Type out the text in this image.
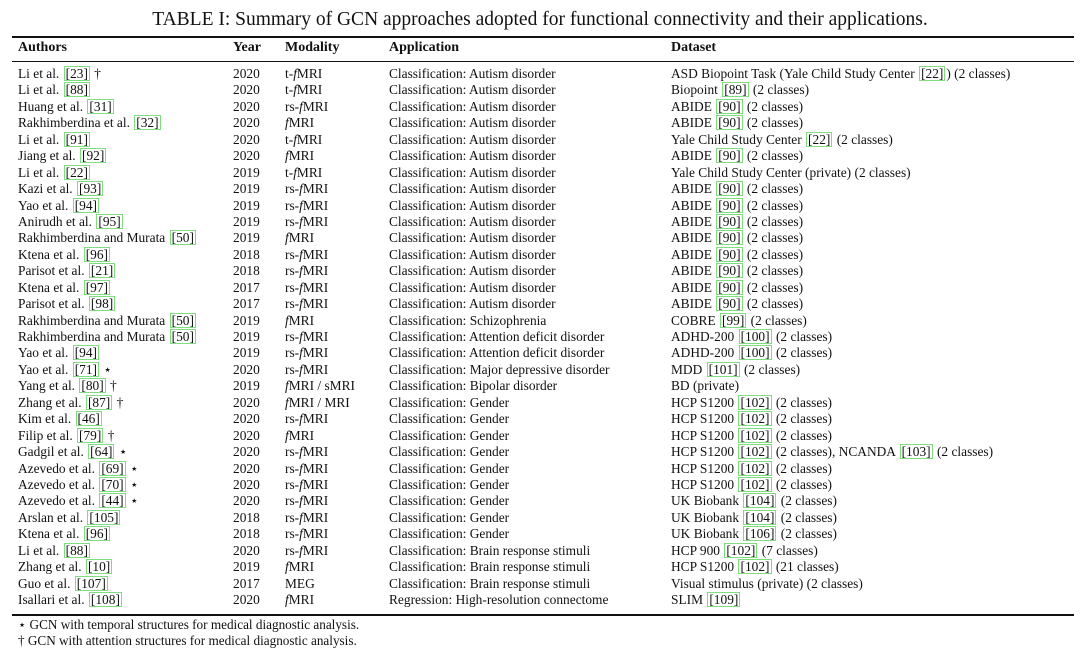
TABLE I: Summary of GCN approaches adopted for functional connectivity and their applications.
Authors	Year Modality	Application	Dataset
Li et al. [23] †	2020 t-fMRI	Classification: Autism disorder	ASD Biopoint Task (Yale Child Study Center [22] ) (2 classes)
Li et al. [88]	2020 t-fMRI	Classification: Autism disorder	Biopoint [89] (2 classes)
Huang et al. [31]	2020 rs-fMRI	Classification: Autism disorder	ABIDE [90] (2 classes)
Rakhimberdina et al. [32]	2020 fMRI	Classification: Autism disorder	ABIDE [90] (2 classes)
Li et al. [91]	2020 t-fMRI	Classification: Autism disorder	Yale Child Study Center [22] (2 classes)
Jiang et al. [92]	2020 fMRI	Classification: Autism disorder	ABIDE [90] (2 classes)
Li et al. [22]	2019 t-fMRI	Classification: Autism disorder	Yale Child Study Center (private) (2 classes)
Kazi et al. [93]	2019 rs-fMRI	Classification: Autism disorder	ABIDE [90] (2 classes)
Yao et al. [94]	2019 rs-fMRI	Classification: Autism disorder	ABIDE [90] (2 classes)
Anirudh et al. [95]	2019 rs-fMRI	Classification: Autism disorder	ABIDE [90] (2 classes)
Rakhimberdina and Murata [50]	2019 fMRI	Classification: Autism disorder	ABIDE [90] (2 classes)
Ktena et al. [96]	2018 rs-fMRI	Classification: Autism disorder	ABIDE [90] (2 classes)
Parisot et al. [21]	2018 rs-fMRI	Classification: Autism disorder	ABIDE [90] (2 classes)
Ktena et al. [97]	2017 rs-fMRI	Classification: Autism disorder	ABIDE [90] (2 classes)
Parisot et al. [98]	2017 rs-fMRI	Classification: Autism disorder	ABIDE [90] (2 classes)
Rakhimberdina and Murata [50]	2019 fMRI	Classification: Schizophrenia	COBRE [99] (2 classes)
Rakhimberdina and Murata [50]	2019 rs-fMRI	Classification: Attention deficit disorder	ADHD-200 [100] (2 classes)
Yao et al. [94]	2019 rs-fMRI	Classification: Attention deficit disorder	ADHD-200 [100] (2 classes)
Yao et al. [71] ⋆	2020 rs-fMRI	Classification: Major depressive disorder	MDD [101] (2 classes)
Yang et al. [80] †	2019 fMRI / sMRI	Classification: Bipolar disorder	BD (private)
Zhang et al. [87] †	2020 fMRI / MRI	Classification: Gender	HCP S1200 [102] (2 classes)
Kim et al. [46]	2020 rs-fMRI	Classification: Gender	HCP S1200 [102] (2 classes)
Filip et al. [79] †	2020 fMRI	Classification: Gender	HCP S1200 [102] (2 classes)
Gadgil et al. [64] ⋆	2020 rs-fMRI	Classification: Gender	HCP S1200 [102] (2 classes), NCANDA [103] (2 classes)
Azevedo et al. [69] ⋆	2020 rs-fMRI	Classification: Gender	HCP S1200 [102] (2 classes)
Azevedo et al. [70] ⋆	2020 rs-fMRI	Classification: Gender	HCP S1200 [102] (2 classes)
Azevedo et al. [44] ⋆	2020 rs-fMRI	Classification: Gender	UK Biobank [104] (2 classes)
Arslan et al. [105]	2018 rs-fMRI	Classification: Gender	UK Biobank [104] (2 classes)
Ktena et al. [96]	2018 rs-fMRI	Classification: Gender	UK Biobank [106] (2 classes)
Li et al. [88]	2020 rs-fMRI	Classification: Brain response stimuli	HCP 900 [102] (7 classes)
Zhang et al. [10]	2019 fMRI	Classification: Brain response stimuli	HCP S1200 [102] (21 classes)
Guo et al. [107]	2017 MEG	Classification: Brain response stimuli	Visual stimulus (private) (2 classes)
Isallari et al. [108]	2020 fMRI	Regression: High-resolution connectome	SLIM [109]
⋆ GCN with temporal structures for medical diagnostic analysis.
† GCN with attention structures for medical diagnostic analysis.
